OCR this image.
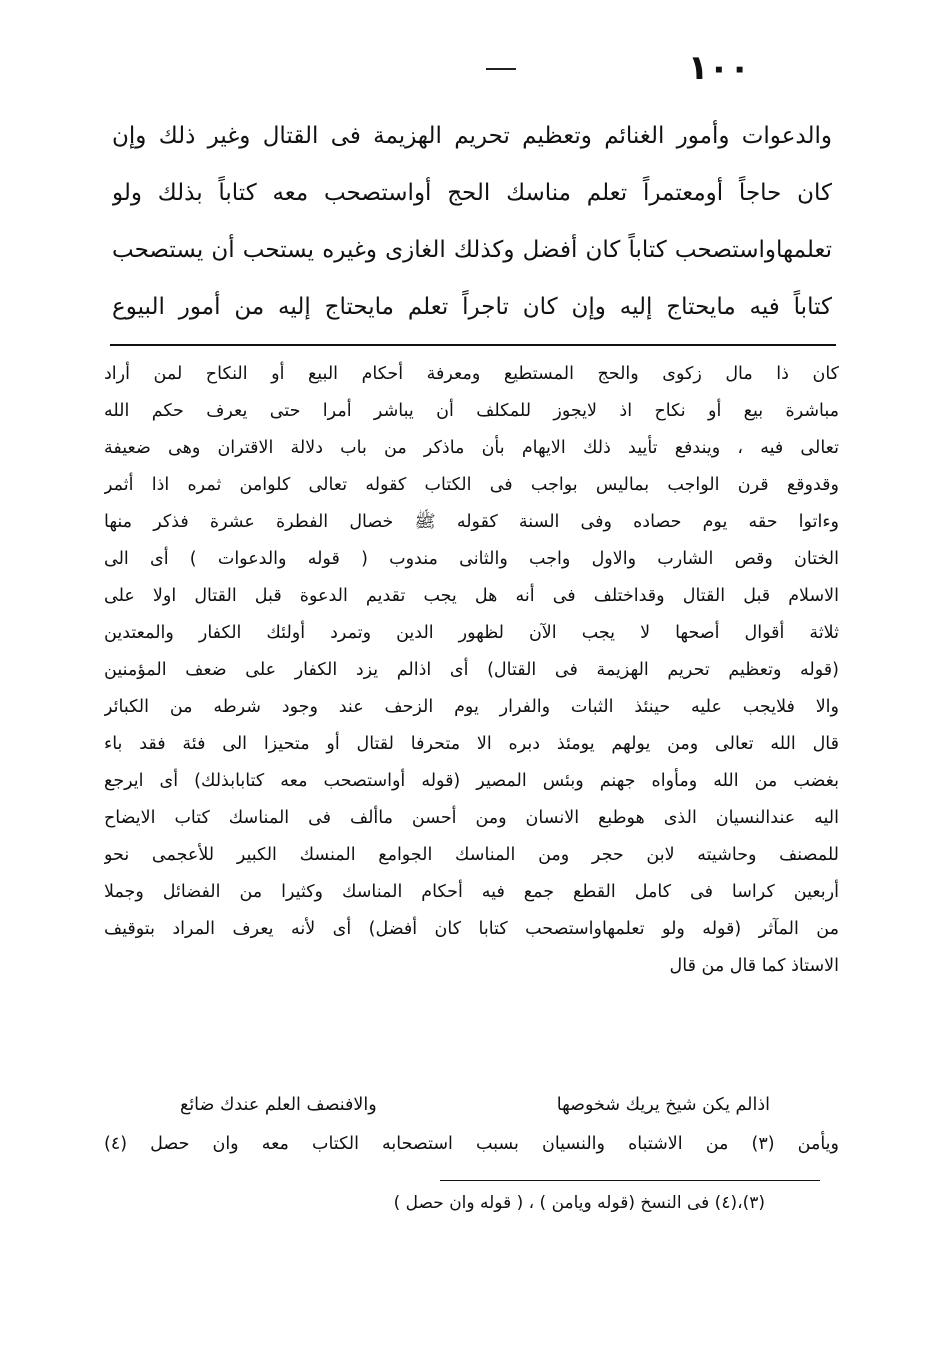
١٠٠
والدعوات وأمور الغنائم وتعظيم تحريم الهزيمة فى القتال وغير ذلك وإن
كان حاجاً أومعتمراً تعلم مناسك الحج أواستصحب معه كتاباً بذلك ولو
تعلمهاواستصحب كتاباً كان أفضل وكذلك الغازى وغيره يستحب أن يستصحب
كتاباً فيه مايحتاج إليه وإن كان تاجراً تعلم مايحتاج إليه من أمور البيوع
كان ذا مال زكوى والحج المستطيع ومعرفة أحكام البيع أو النكاح لمن أراد
مباشرة بيع أو نكاح اذ لايجوز للمكلف أن يباشر أمرا حتى يعرف حكم الله
تعالى فيه ، ويندفع تأييد ذلك الايهام بأن ماذكر من باب دلالة الاقتران وهى ضعيفة
وقدوقع قرن الواجب بماليس بواجب فى الكتاب كقوله تعالى كلوامن ثمره اذا أثمر
وءاتوا حقه يوم حصاده وفى السنة كقوله ﷺ خصال الفطرة عشرة فذكر منها
الختان وقص الشارب والاول واجب والثانى مندوب ( قوله والدعوات ) أى الى
الاسلام قبل القتال وقداختلف فى أنه هل يجب تقديم الدعوة قبل القتال اولا على
ثلاثة أقوال أصحها لا يجب الآن لظهور الدين وتمرد أولئك الكفار والمعتدين
(قوله وتعظيم تحريم الهزيمة فى القتال) أى اذالم يزد الكفار على ضعف المؤمنين
والا فلايجب عليه حينئذ الثبات والفرار يوم الزحف عند وجود شرطه من الكبائر
قال الله تعالى ومن يولهم يومئذ دبره الا متحرفا لقتال أو متحيزا الى فئة فقد باء
بغضب من الله ومأواه جهنم وبئس المصير (قوله أواستصحب معه كتابابذلك) أى ايرجع
اليه عندالنسيان الذى هوطبع الانسان ومن أحسن ماألف فى المناسك كتاب الايضاح
للمصنف وحاشيته لابن حجر ومن المناسك الجوامع المنسك الكبير للأعجمى نحو
أربعين كراسا فى كامل القطع جمع فيه أحكام المناسك وكثيرا من الفضائل وجملا
من المآثر (قوله ولو تعلمهاواستصحب كتابا كان أفضل) أى لأنه يعرف المراد بتوقيف
الاستاذ كما قال من قال
اذالم يكن شيخ يريك شخوصها
والافنصف العلم عندك ضائع
ويأمن (٣) من الاشتباه والنسيان بسبب استصحابه الكتاب معه وان حصل (٤)
(٣)،(٤) فى النسخ (قوله ويامن ) ، ( قوله وان حصل )
